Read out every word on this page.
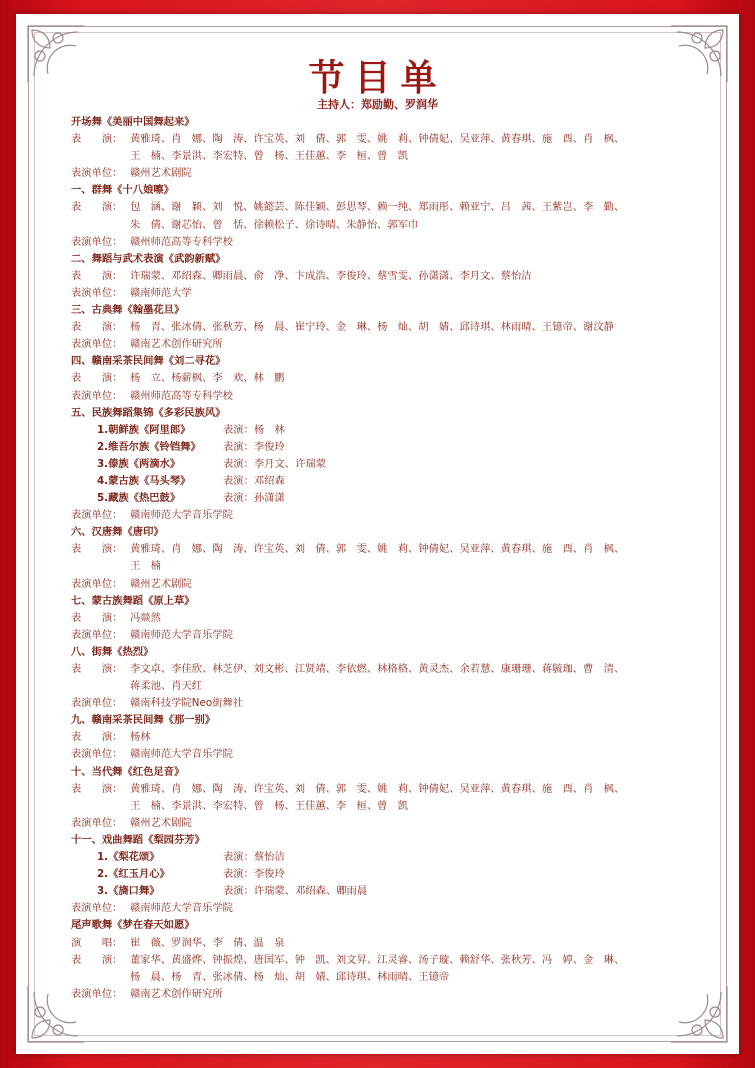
节目单
主持人：郑励勤、罗润华
开场舞《美丽中国舞起来》
表　　演： 黄雅琦、肖　娜、陶　涛、许宝英、刘　倩、郭　雯、姚　莉、钟倩妃、吴亚萍、黄春琪、施　酉、肖　枫、
王　楠、李景洪、李宏特、曾　杨、王佳蕙、李　桓、曾　凯
表演单位： 赣州艺术剧院
一、群舞《十八娘嚓》
表　　演： 包　涵、谢　颖、刘　悦、姚懿芸、陈佳颖、彭思琴、赖一纯、郑雨彤、赖亚宁、吕　茜、王紫岂、李　勤、
朱　倩、谢芯怡、曾　恬、徐赖松子、徐诗晴、朱静怡、郭军巾
表演单位： 赣州师范高等专科学校
二、舞蹈与武术表演《武韵新赋》
表　　演： 许瑞蒙、邓绍森、卿雨晨、俞　净、卞成浩、李俊玲、蔡雪雯、孙潇潇、李月文、蔡怡洁
表演单位： 赣南师范大学
三、古典舞《翰墨花旦》
表　　演： 杨　青、张冰倩、张秋芳、杨　晨、崔宁玲、金　琳、杨　灿、胡　婧、邱诗琪、林雨晴、王镱帝、谢汶静
表演单位： 赣南艺术创作研究所
四、赣南采茶民间舞《刘二寻花》
表　　演： 杨　立、杨薪枫、李　欢、林　鹏
表演单位： 赣州师范高等专科学校
五、民族舞蹈集锦《多彩民族风》
1.朝鲜族《阿里郎》	表演：杨　林
2.维吾尔族《铃铛舞》	表演：李俊玲
3.傣族《两滴水》	表演：李月文、许瑞蒙
4.蒙古族《马头琴》	表演：邓绍森
5.藏族《热巴鼓》	表演：孙潇潇
表演单位： 赣南师范大学音乐学院
六、汉唐舞《唐印》
表　　演： 黄雅琦、肖　娜、陶　涛、许宝英、刘　倩、郭　雯、姚　莉、钟倩妃、吴亚萍、黄春琪、施　酉、肖　枫、
王　楠
表演单位： 赣州艺术剧院
七、蒙古族舞蹈《原上草》
表　　演： 冯燚然
表演单位： 赣南师范大学音乐学院
八、街舞《热烈》
表　　演： 李文卓、李佳欣、林芝伊、刘文彬、江贤靖、李依燃、林格格、黄灵杰、余若慧、康珊珊、蒋毓珈、曹　清、
蒋柔池、肖天红
表演单位： 赣南科技学院Neo街舞社
九、赣南采茶民间舞《那一别》
表　　演： 杨林
表演单位： 赣南师范大学音乐学院
十、当代舞《红色足音》
表　　演： 黄雅琦、肖　娜、陶　涛、许宝英、刘　倩、郭　雯、姚　莉、钟倩妃、吴亚萍、黄春琪、施　酉、肖　枫、
王　楠、李景洪、李宏特、曾　杨、王佳蕙、李　桓、曾　凯
表演单位： 赣州艺术剧院
十一、戏曲舞蹈《梨园芬芳》
1.《梨花颂》	表演：蔡怡洁
2.《红玉月心》	表演：李俊玲
3.《旖口舞》	表演：许瑞蒙、邓绍森、卿雨晨
表演单位： 赣南师范大学音乐学院
尾声歌舞《梦在春天如愿》
演　　唱： 崔　薇、罗润华、李　倩、温　泉
表　　演： 董家华、黄盛烨、钟振煌、唐国军、钟　凯、刘文昇、江灵睿、汤子璇、赖舒华、张秋芳、冯　婷、金　琳、
杨　晨、杨　青、张冰倩、杨　灿、胡　婧、邱诗琪、林雨晴、王镱帝
表演单位： 赣南艺术创作研究所
